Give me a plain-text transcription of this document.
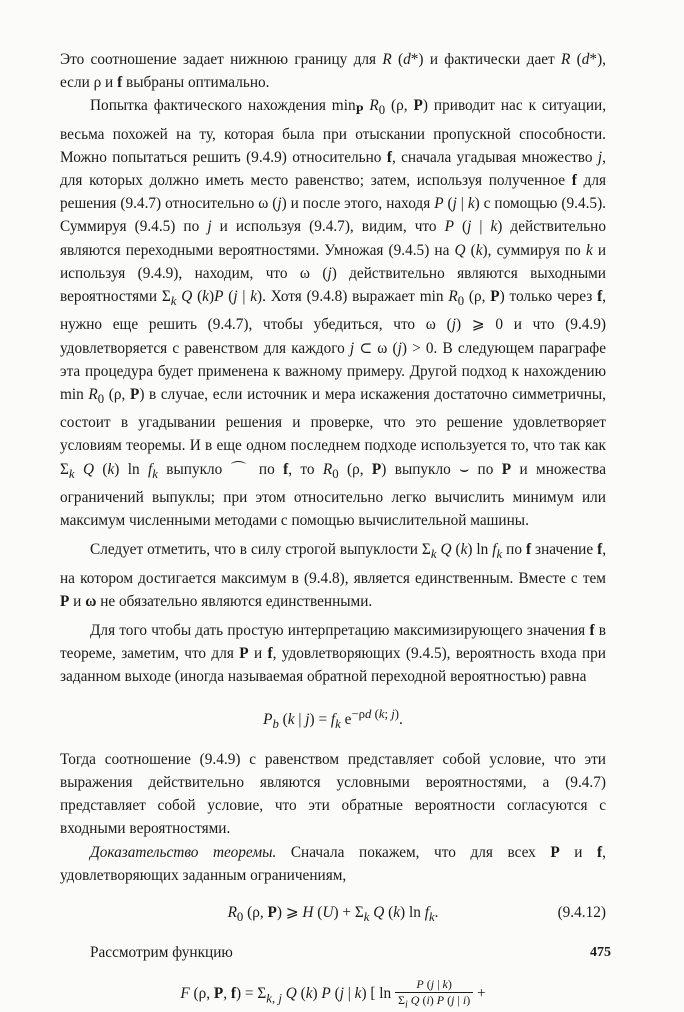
Это соотношение задает нижнюю границу для R (d*) и фактически дает R (d*), если ρ и f выбраны оптимально.

Попытка фактического нахождения $\min_P R_0$ (ρ, P) приводит нас к ситуации, весьма похожей на ту, которая была при отыскании пропускной способности. Можно попытаться решить (9.4.9) относительно f, сначала угадывая множество j, для которых должно иметь место равенство; затем, используя полученное f для решения (9.4.7) относительно ω (j) и после этого, находя P (j | k) с помощью (9.4.5). Суммируя (9.4.5) по j и используя (9.4.7), видим, что P (j | k) действительно являются переходными вероятностями. Умножая (9.4.5) на Q (k), суммируя по k и используя (9.4.9), находим, что ω (j) действительно являются выходными вероятностями $\Sigma_k$ Q (k)P (j | k). Хотя (9.4.8) выражает $\min R_0$ (ρ, P) только через f, нужно еще решить (9.4.7), чтобы убедиться, что ω (j) ⩾ 0 и что (9.4.9) удовлетворяется с равенством для каждого j ⊂ ω (j) > 0. В следующем параграфе эта процедура будет применена к важному примеру. Другой подход к нахождению $\min R_0$ (ρ, P) в случае, если источник и мера искажения достаточно симметричны, состоит в угадывании решения и проверке, что это решение удовлетворяет условиям теоремы. И в еще одном последнем подходе используется то, что так как $\Sigma_k$ Q (k) $\ln f_k$ выпукло ⌒ по f, то $R_0$ (ρ, P) выпукло ⌣ по P и множества ограничений выпуклы; при этом относительно легко вычислить минимум или максимум численными методами с помощью вычислительной машины.

Следует отметить, что в силу строгой выпуклости $\Sigma_k$ Q (k) $\ln f_k$ по f значение f, на котором достигается максимум в (9.4.8), является единственным. Вместе с тем P и ω не обязательно являются единственными.

Для того чтобы дать простую интерпретацию максимизирующего значения f в теореме, заметим, что для P и f, удовлетворяющих (9.4.5), вероятность входа при заданном выходе (иногда называемая обратной переходной вероятностью) равна

$P_b$ (k | $j) = f_k$ $e^{-\rho d (k; j)}$.

Тогда соотношение (9.4.9) с равенством представляет собой условие, что эти выражения действительно являются условными вероятностями, а (9.4.7) представляет собой условие, что эти обратные вероятности согласуются с входными вероятностями.

Доказательство теоремы. Сначала покажем, что для всех P и f, удовлетворяющих заданным ограничениям,

$R_0$ (ρ, P) ⩾ H $(U) + \Sigma_k$ Q (k) $\ln f_k$.	(9.4.12)

Рассмотрим функцию

F (ρ, P, $f) = \Sigma_{k, j}$ Q (k) P (j | k) [ $\ln \frac{P (j | k)}{\Sigma_i Q (i) P (j | i)}$ +
475
